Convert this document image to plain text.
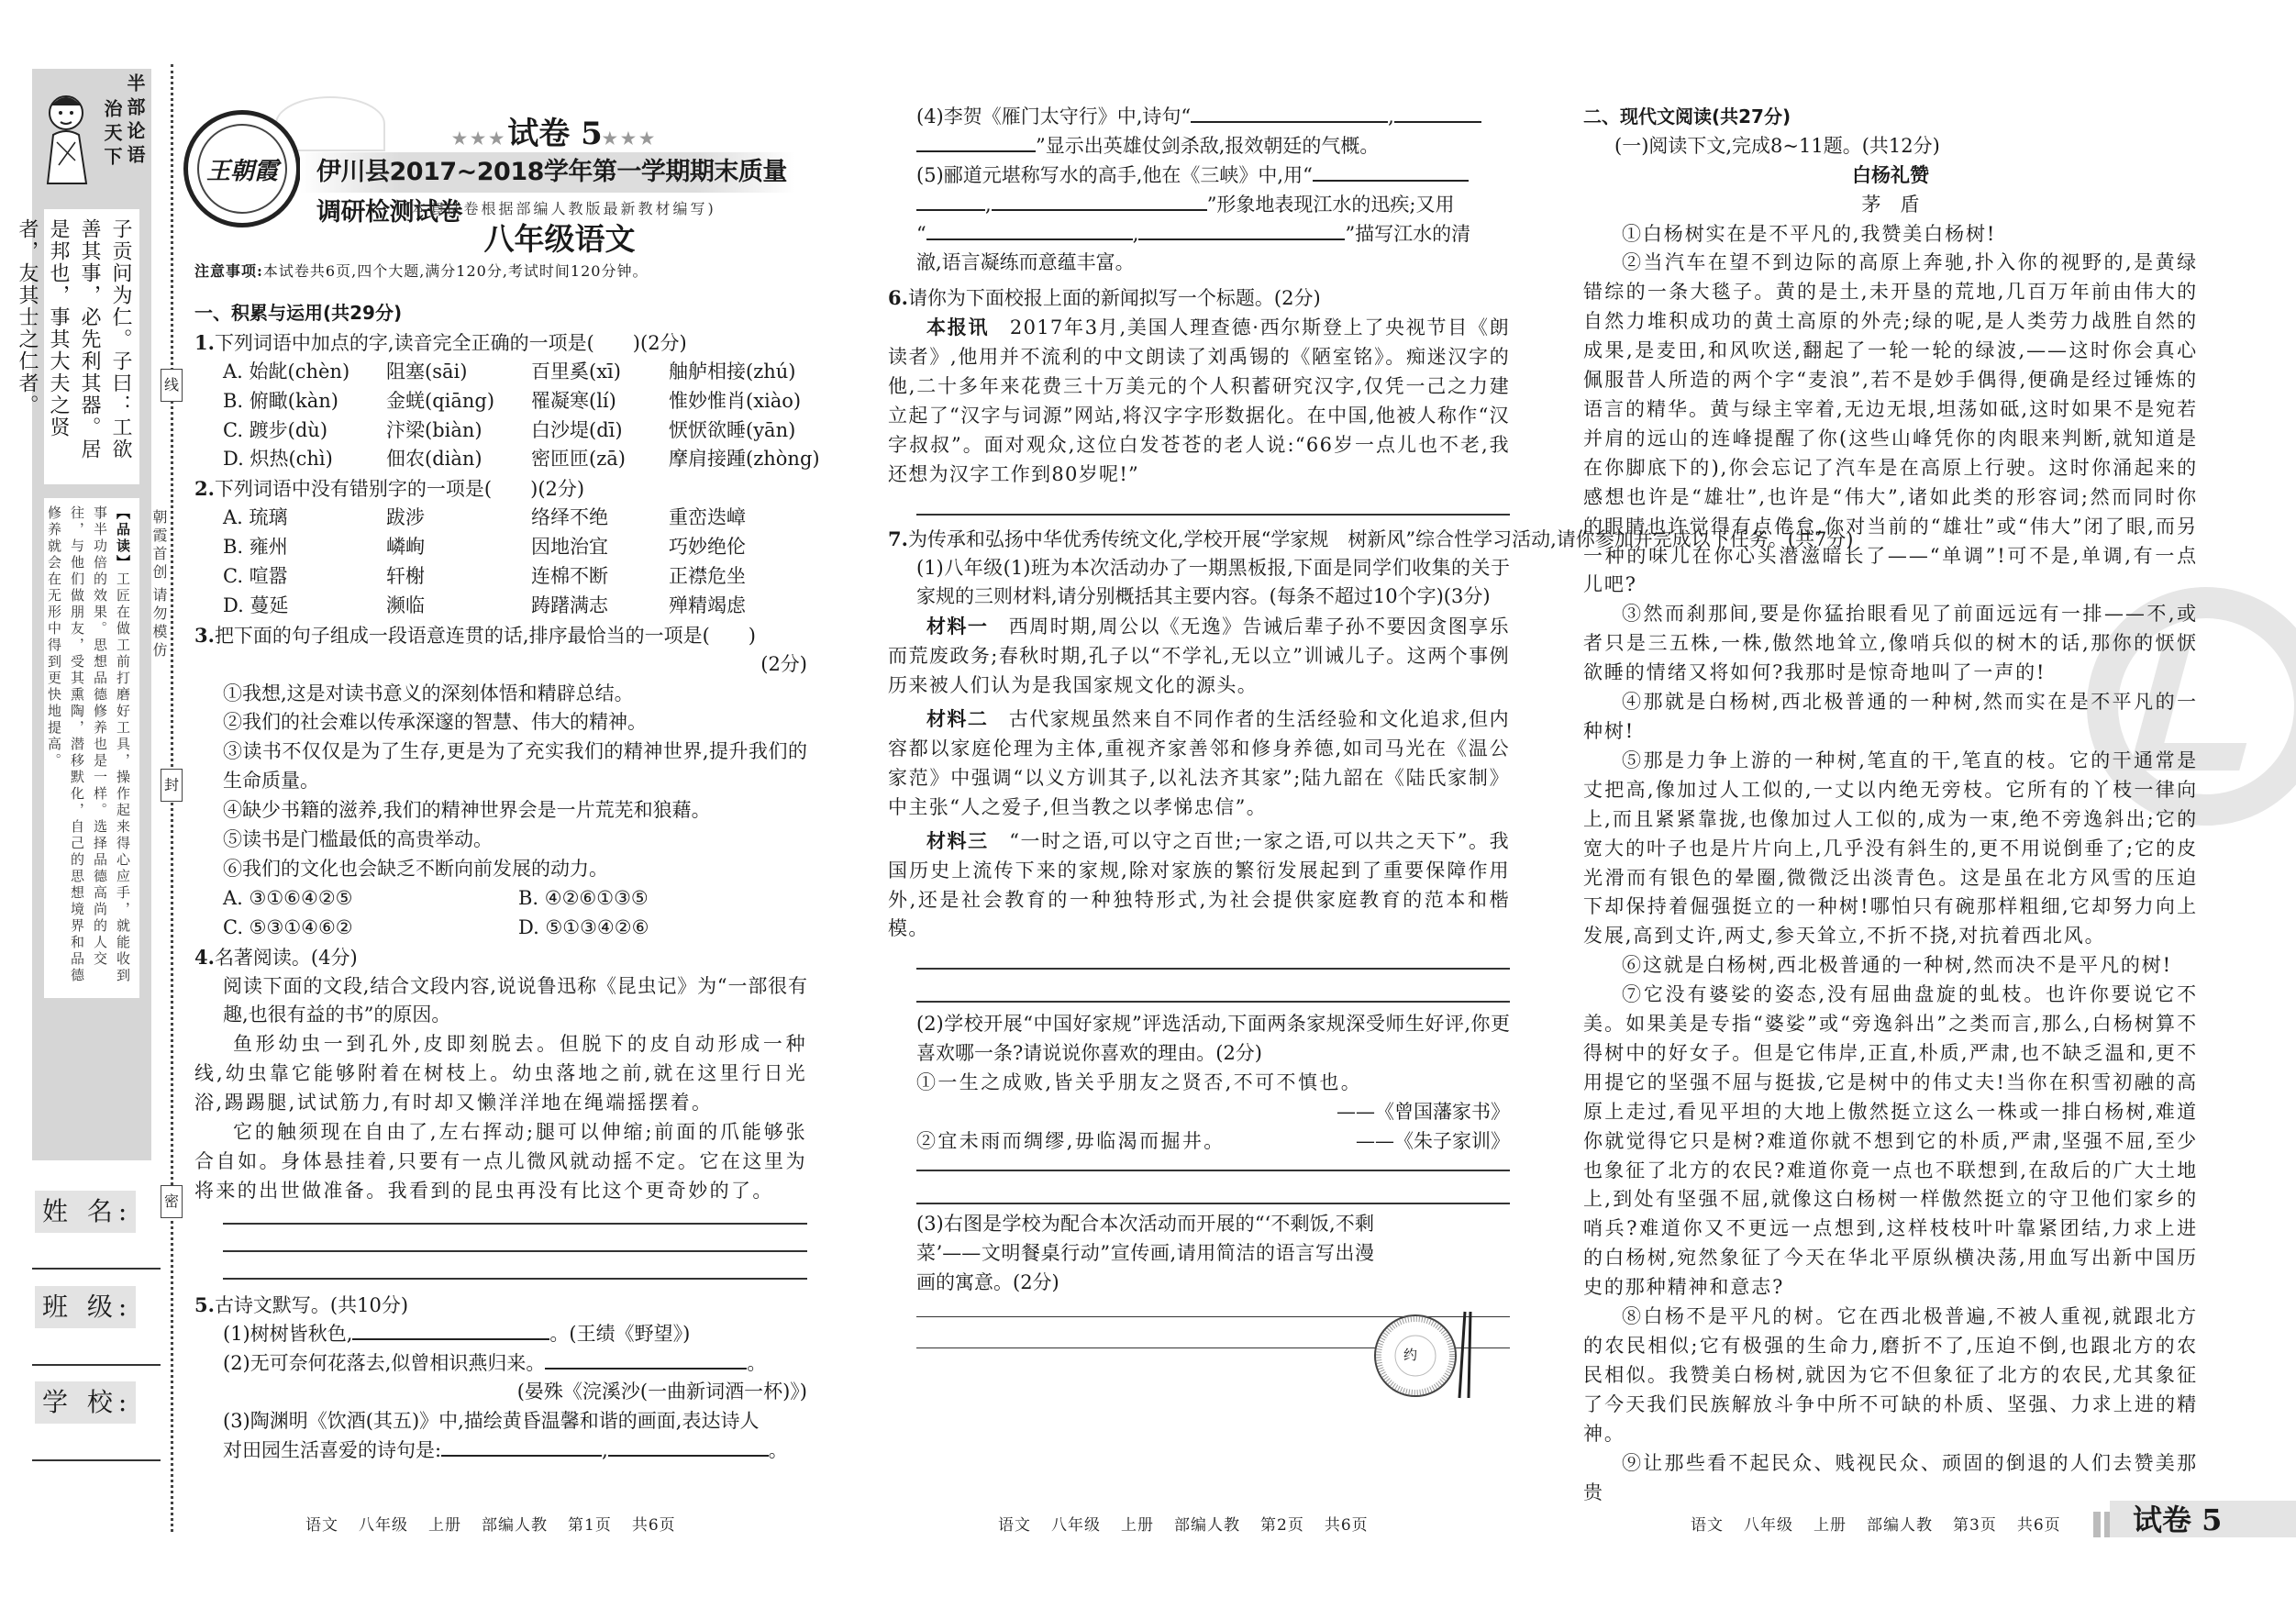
半部论语
治天下
子贡问为仁。子曰：工欲善其事，必先利其器。居是邦也，事其大夫之贤者，友其士之仁者。
【品读】工匠在做工前打磨好工具，操作起来得心应手，就能收到事半功倍的效果。思想品德修养也是一样。选择品德高尚的人交往，与他们做朋友，受其熏陶，潜移默化，自己的思想境界和品德修养就会在无形中得到更快地提高。
姓 名:
班 级:
学 校:
线
封
密
朝霞首创
请勿模仿
王朝霞
★★★试卷 5★★★
伊川县2017~2018学年第一学期期末质量调研检测试卷
(本套试卷根据部编人教版最新教材编写)
八年级语文
注意事项:本试卷共6页,四个大题,满分120分,考试时间120分钟。
一、积累与运用(共29分)
1.下列词语中加点的字,读音完全正确的一项是(　　)(2分)
A. 始龀(chèn)	阻塞(sāi)	百里奚(xī)	舳舻相接(zhú)
B. 俯瞰(kàn)	金蜣(qiāng)	罹凝寒(lí)	惟妙惟肖(xiào)
C. 踱步(dù)	汴梁(biàn)	白沙堤(dī)	恹恹欲睡(yān)
D. 炽热(chì)	佃农(diàn)	密匝匝(zā)	摩肩接踵(zhòng)
2.下列词语中没有错别字的一项是(　　)(2分)
A. 琉璃	跋涉	络绎不绝	重峦迭嶂
B. 雍州	嶙峋	因地治宜	巧妙绝伦
C. 喧嚣	轩榭	连棉不断	正襟危坐
D. 蔓延	濒临	踌躇满志	殚精竭虑
3.把下面的句子组成一段语意连贯的话,排序最恰当的一项是(　　)
(2分)
①我想,这是对读书意义的深刻体悟和精辟总结。
②我们的社会难以传承深邃的智慧、伟大的精神。
③读书不仅仅是为了生存,更是为了充实我们的精神世界,提升我们的生命质量。
④缺少书籍的滋养,我们的精神世界会是一片荒芜和狼藉。
⑤读书是门槛最低的高贵举动。
⑥我们的文化也会缺乏不断向前发展的动力。
A. ③①⑥④②⑤	B. ④②⑥①③⑤
C. ⑤③①④⑥②	D. ⑤①③④②⑥
4.名著阅读。(4分)
阅读下面的文段,结合文段内容,说说鲁迅称《昆虫记》为“一部很有趣,也很有益的书”的原因。
鱼形幼虫一到孔外,皮即刻脱去。但脱下的皮自动形成一种线,幼虫靠它能够附着在树枝上。幼虫落地之前,就在这里行日光浴,踢踢腿,试试筋力,有时却又懒洋洋地在绳端摇摆着。
它的触须现在自由了,左右挥动;腿可以伸缩;前面的爪能够张合自如。身体悬挂着,只要有一点儿微风就动摇不定。它在这里为将来的出世做准备。我看到的昆虫再没有比这个更奇妙的了。
5.古诗文默写。(共10分)
(1)树树皆秋色,	。(王绩《野望》)
(2)无可奈何花落去,似曾相识燕归来。	。
(晏殊《浣溪沙(一曲新词酒一杯)》)
(3)陶渊明《饮酒(其五)》中,描绘黄昏温馨和谐的画面,表达诗人
对田园生活喜爱的诗句是:	,	。
语文 八年级 上册 部编人教 第1页 共6页
(4)李贺《雁门太守行》中,诗句“	,
”显示出英雄仗剑杀敌,报效朝廷的气概。
(5)郦道元堪称写水的高手,他在《三峡》中,用“
,	”形象地表现江水的迅疾;又用
“	,	”描写江水的清
澈,语言凝练而意蕴丰富。
6.请你为下面校报上面的新闻拟写一个标题。(2分)
本报讯　 2017年3月,美国人理查德·西尔斯登上了央视节目《朗读者》,他用并不流利的中文朗读了刘禹锡的《陋室铭》。痴迷汉字的他,二十多年来花费三十万美元的个人积蓄研究汉字,仅凭一己之力建立起了“汉字与词源”网站,将汉字字形数据化。在中国,他被人称作“汉字叔叔”。面对观众,这位白发苍苍的老人说:“66岁一点儿也不老,我还想为汉字工作到80岁呢!”
7.为传承和弘扬中华优秀传统文化,学校开展“学家规　树新风”综合性学习活动,请你参加并完成以下任务。(共7分)
(1)八年级(1)班为本次活动办了一期黑板报,下面是同学们收集的关于家规的三则材料,请分别概括其主要内容。(每条不超过10个字)(3分)
材料一　 西周时期,周公以《无逸》告诫后辈子孙不要因贪图享乐而荒废政务;春秋时期,孔子以“不学礼,无以立”训诫儿子。这两个事例历来被人们认为是我国家规文化的源头。
材料二　 古代家规虽然来自不同作者的生活经验和文化追求,但内容都以家庭伦理为主体,重视齐家善邻和修身养德,如司马光在《温公家范》中强调“以义方训其子,以礼法齐其家”;陆九韶在《陆氏家制》中主张“人之爱子,但当教之以孝悌忠信”。
材料三　 “一时之语,可以守之百世;一家之语,可以共之天下”。我国历史上流传下来的家规,除对家族的繁衍发展起到了重要保障作用外,还是社会教育的一种独特形式,为社会提供家庭教育的范本和楷模。
(2)学校开展“中国好家规”评选活动,下面两条家规深受师生好评,你更喜欢哪一条?请说说你喜欢的理由。(2分)
①一生之成败,皆关乎朋友之贤否,不可不慎也。
——《曾国藩家书》
②宜未雨而绸缪,毋临渴而掘井。	——《朱子家训》
(3)右图是学校为配合本次活动而开展的“‘不剩饭,不剩菜’——文明餐桌行动”宣传画,请用简洁的语言写出漫画的寓意。(2分)
约
语文 八年级 上册 部编人教 第2页 共6页
二、现代文阅读(共27分)
(一)阅读下文,完成8~11题。(共12分)
白杨礼赞
茅　盾
①白杨树实在是不平凡的,我赞美白杨树!
②当汽车在望不到边际的高原上奔驰,扑入你的视野的,是黄绿错综的一条大毯子。黄的是土,未开垦的荒地,几百万年前由伟大的自然力堆积成功的黄土高原的外壳;绿的呢,是人类劳力战胜自然的成果,是麦田,和风吹送,翻起了一轮一轮的绿波,——这时你会真心佩服昔人所造的两个字“麦浪”,若不是妙手偶得,便确是经过锤炼的语言的精华。黄与绿主宰着,无边无垠,坦荡如砥,这时如果不是宛若并肩的远山的连峰提醒了你(这些山峰凭你的肉眼来判断,就知道是在你脚底下的),你会忘记了汽车是在高原上行驶。这时你涌起来的感想也许是“雄壮”,也许是“伟大”,诸如此类的形容词;然而同时你的眼睛也许觉得有点倦怠,你对当前的“雄壮”或“伟大”闭了眼,而另一种的味儿在你心头潜滋暗长了——“单调”!可不是,单调,有一点儿吧?
③然而刹那间,要是你猛抬眼看见了前面远远有一排——不,或者只是三五株,一株,傲然地耸立,像哨兵似的树木的话,那你的恹恹欲睡的情绪又将如何?我那时是惊奇地叫了一声的!
④那就是白杨树,西北极普通的一种树,然而实在是不平凡的一种树!
⑤那是力争上游的一种树,笔直的干,笔直的枝。它的干通常是丈把高,像加过人工似的,一丈以内绝无旁枝。它所有的丫枝一律向上,而且紧紧靠拢,也像加过人工似的,成为一束,绝不旁逸斜出;它的宽大的叶子也是片片向上,几乎没有斜生的,更不用说倒垂了;它的皮光滑而有银色的晕圈,微微泛出淡青色。这是虽在北方风雪的压迫下却保持着倔强挺立的一种树!哪怕只有碗那样粗细,它却努力向上发展,高到丈许,两丈,参天耸立,不折不挠,对抗着西北风。
⑥这就是白杨树,西北极普通的一种树,然而决不是平凡的树!
⑦它没有婆娑的姿态,没有屈曲盘旋的虬枝。也许你要说它不美。如果美是专指“婆娑”或“旁逸斜出”之类而言,那么,白杨树算不得树中的好女子。但是它伟岸,正直,朴质,严肃,也不缺乏温和,更不用提它的坚强不屈与挺拔,它是树中的伟丈夫!当你在积雪初融的高原上走过,看见平坦的大地上傲然挺立这么一株或一排白杨树,难道你就觉得它只是树?难道你就不想到它的朴质,严肃,坚强不屈,至少也象征了北方的农民?难道你竟一点也不联想到,在敌后的广大土地上,到处有坚强不屈,就像这白杨树一样傲然挺立的守卫他们家乡的哨兵?难道你又不更远一点想到,这样枝枝叶叶靠紧团结,力求上进的白杨树,宛然象征了今天在华北平原纵横决荡,用血写出新中国历史的那种精神和意志?
⑧白杨不是平凡的树。它在西北极普遍,不被人重视,就跟北方的农民相似;它有极强的生命力,磨折不了,压迫不倒,也跟北方的农民相似。我赞美白杨树,就因为它不但象征了北方的农民,尤其象征了今天我们民族解放斗争中所不可缺的朴质、坚强、力求上进的精神。
⑨让那些看不起民众、贱视民众、顽固的倒退的人们去赞美那贵
语文 八年级 上册 部编人教 第3页 共6页	试卷 5
